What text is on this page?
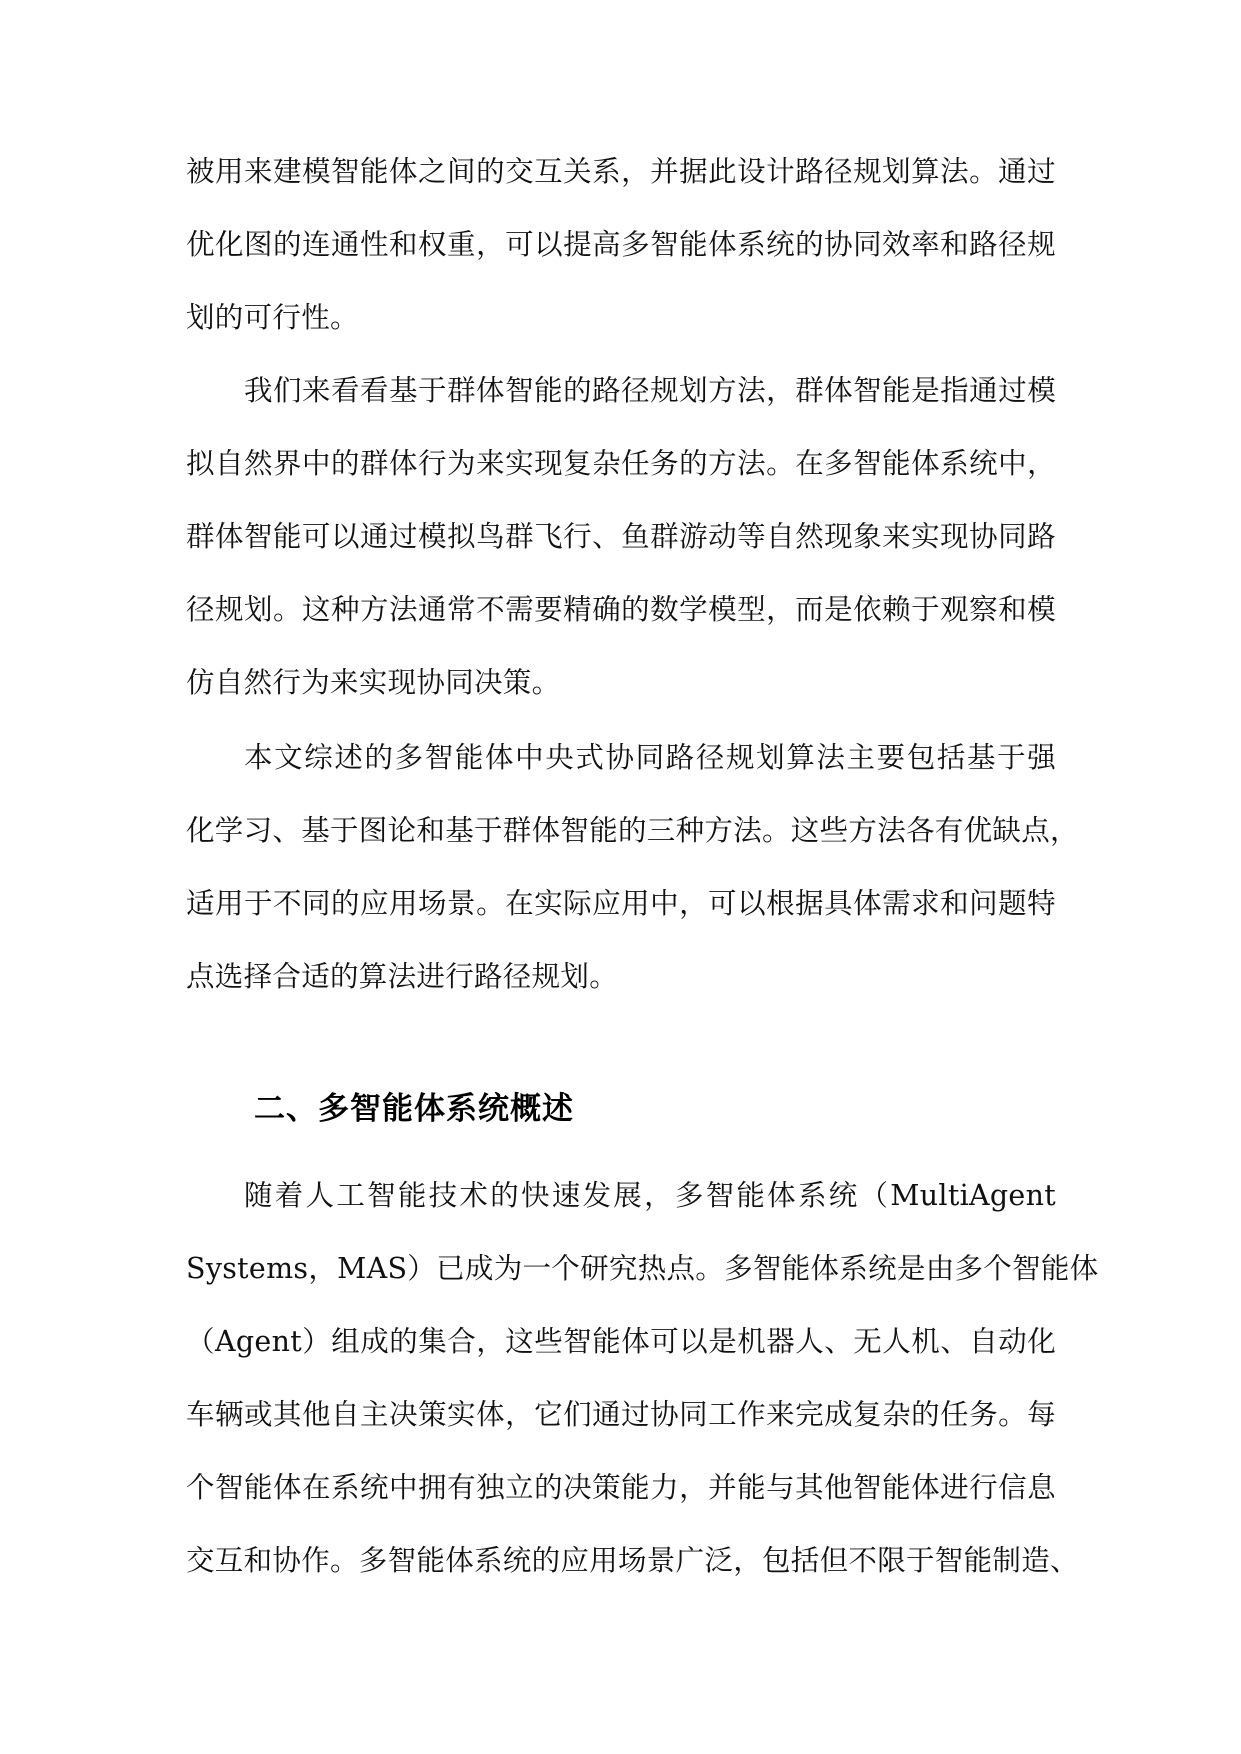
被用来建模智能体之间的交互关系，并据此设计路径规划算法。通过
优化图的连通性和权重，可以提高多智能体系统的协同效率和路径规
划的可行性。
我们来看看基于群体智能的路径规划方法，群体智能是指通过模
拟自然界中的群体行为来实现复杂任务的方法。在多智能体系统中，
群体智能可以通过模拟鸟群飞行、鱼群游动等自然现象来实现协同路
径规划。这种方法通常不需要精确的数学模型，而是依赖于观察和模
仿自然行为来实现协同决策。
本文综述的多智能体中央式协同路径规划算法主要包括基于强
化学习、基于图论和基于群体智能的三种方法。这些方法各有优缺点，
适用于不同的应用场景。在实际应用中，可以根据具体需求和问题特
点选择合适的算法进行路径规划。
二、多智能体系统概述
随着人工智能技术的快速发展，多智能体系统（MultiAgent
Systems，MAS）已成为一个研究热点。多智能体系统是由多个智能体
（Agent）组成的集合，这些智能体可以是机器人、无人机、自动化
车辆或其他自主决策实体，它们通过协同工作来完成复杂的任务。每
个智能体在系统中拥有独立的决策能力，并能与其他智能体进行信息
交互和协作。多智能体系统的应用场景广泛，包括但不限于智能制造、
